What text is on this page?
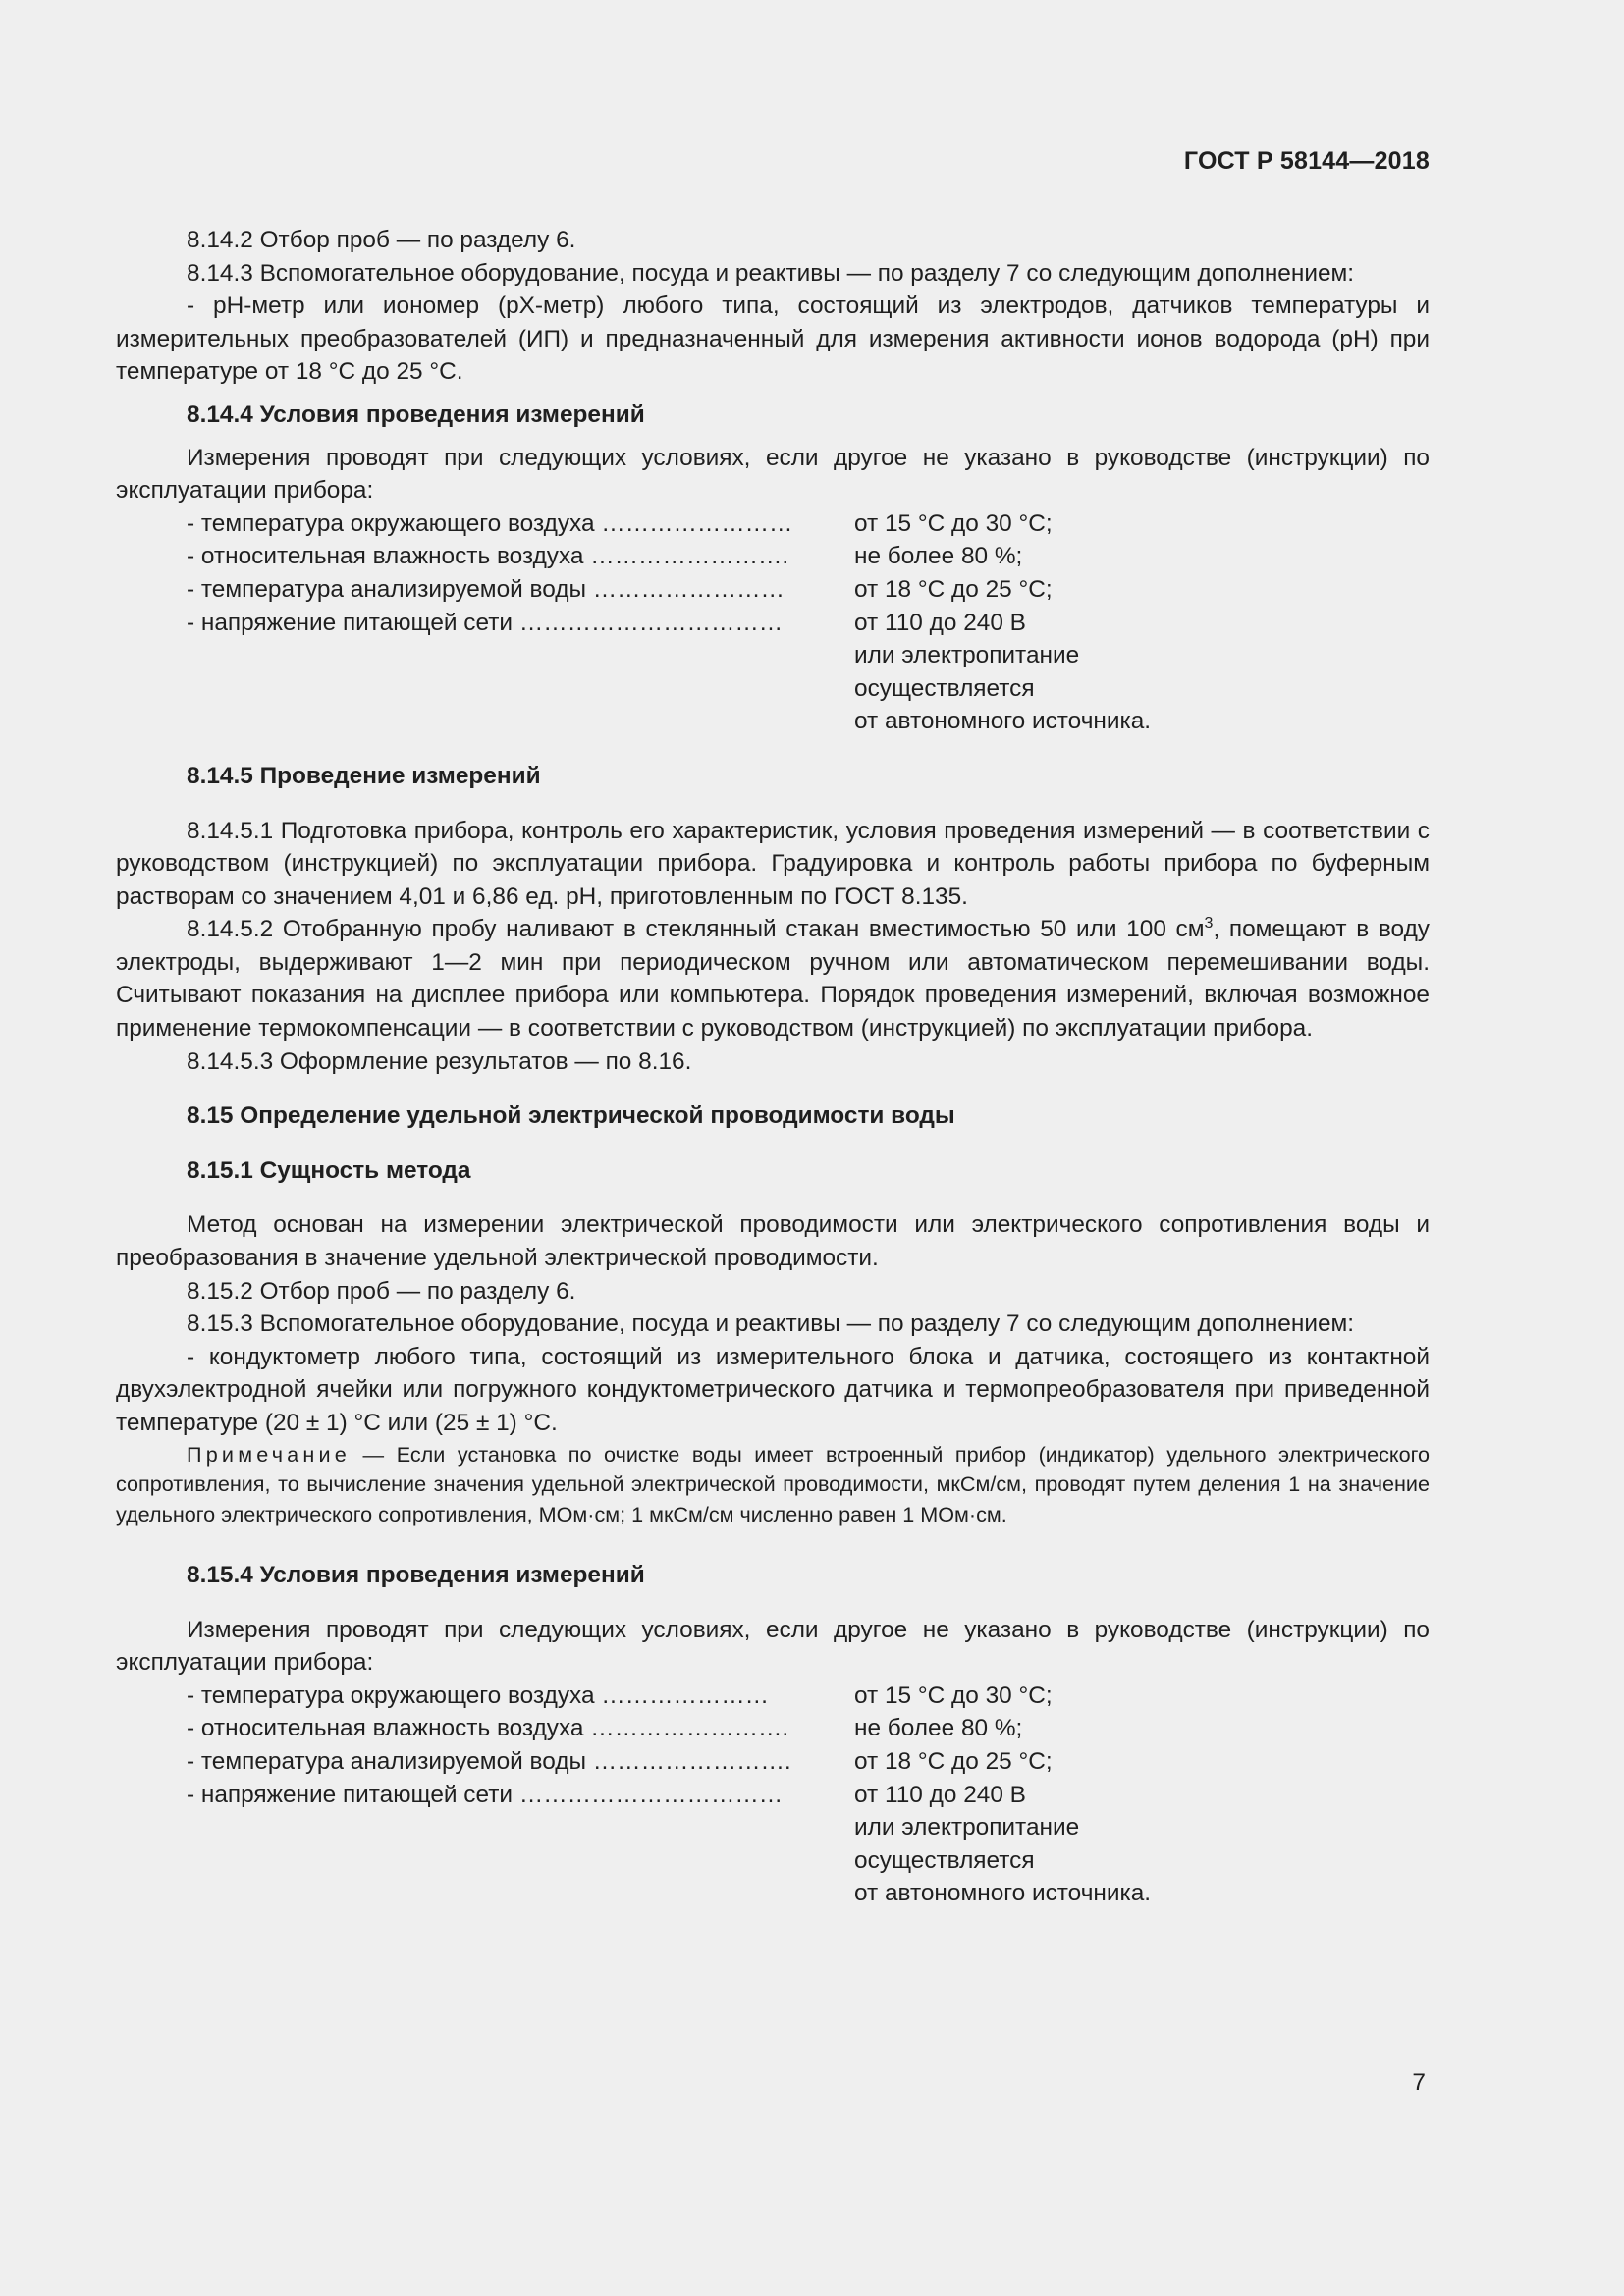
ГОСТ Р 58144—2018

8.14.2 Отбор проб — по разделу 6.

8.14.3 Вспомогательное оборудование, посуда и реактивы — по разделу 7 со следующим дополнением:

- pH-метр или иономер (pX-метр) любого типа, состоящий из электродов, датчиков температуры и измерительных преобразователей (ИП) и предназначенный для измерения активности ионов водорода (pH) при температуре от 18 °С до 25 °С.

8.14.4 Условия проведения измерений

Измерения проводят при следующих условиях, если другое не указано в руководстве (инструкции) по эксплуатации прибора:

- температура окружающего воздуха ……………………	от 15 °С до 30 °С;
- относительная влажность воздуха …………………….	не более 80 %;
- температура анализируемой воды ……………………	от 18 °С до 25 °С;
- напряжение питающей сети ……………………………	от 110 до 240 В

или электропитание

осуществляется

от автономного источника.

8.14.5 Проведение измерений

8.14.5.1 Подготовка прибора, контроль его характеристик, условия проведения измерений — в соответствии с руководством (инструкцией) по эксплуатации прибора. Градуировка и контроль работы прибора по буферным растворам со значением 4,01 и 6,86 ед. pH, приготовленным по ГОСТ 8.135.

8.14.5.2 Отобранную пробу наливают в стеклянный стакан вместимостью 50 или 100 $см^3$, помещают в воду электроды, выдерживают 1—2 мин при периодическом ручном или автоматическом перемешивании воды. Считывают показания на дисплее прибора или компьютера. Порядок проведения измерений, включая возможное применение термокомпенсации — в соответствии с руководством (инструкцией) по эксплуатации прибора.

8.14.5.3 Оформление результатов — по 8.16.

8.15 Определение удельной электрической проводимости воды

8.15.1 Сущность метода

Метод основан на измерении электрической проводимости или электрического сопротивления воды и преобразования в значение удельной электрической проводимости.

8.15.2 Отбор проб — по разделу 6.

8.15.3 Вспомогательное оборудование, посуда и реактивы — по разделу 7 со следующим дополнением:

- кондуктометр любого типа, состоящий из измерительного блока и датчика, состоящего из контактной двухэлектродной ячейки или погружного кондуктометрического датчика и термопреобразователя при приведенной температуре (20 ± 1) °С или (25 ± 1) °С.

Примечание — Если установка по очистке воды имеет встроенный прибор (индикатор) удельного электрического сопротивления, то вычисление значения удельной электрической проводимости, мкСм/см, проводят путем деления 1 на значение удельного электрического сопротивления, МОм·см; 1 мкСм/см численно равен 1 МОм·см.

8.15.4 Условия проведения измерений

Измерения проводят при следующих условиях, если другое не указано в руководстве (инструкции) по эксплуатации прибора:

- температура окружающего воздуха …………………	от 15 °С до 30 °С;
- относительная влажность воздуха …………………….	не более 80 %;
- температура анализируемой воды …………………….	от 18 °С до 25 °С;
- напряжение питающей сети ……………………………	от 110 до 240 В

или электропитание

осуществляется

от автономного источника.

7
